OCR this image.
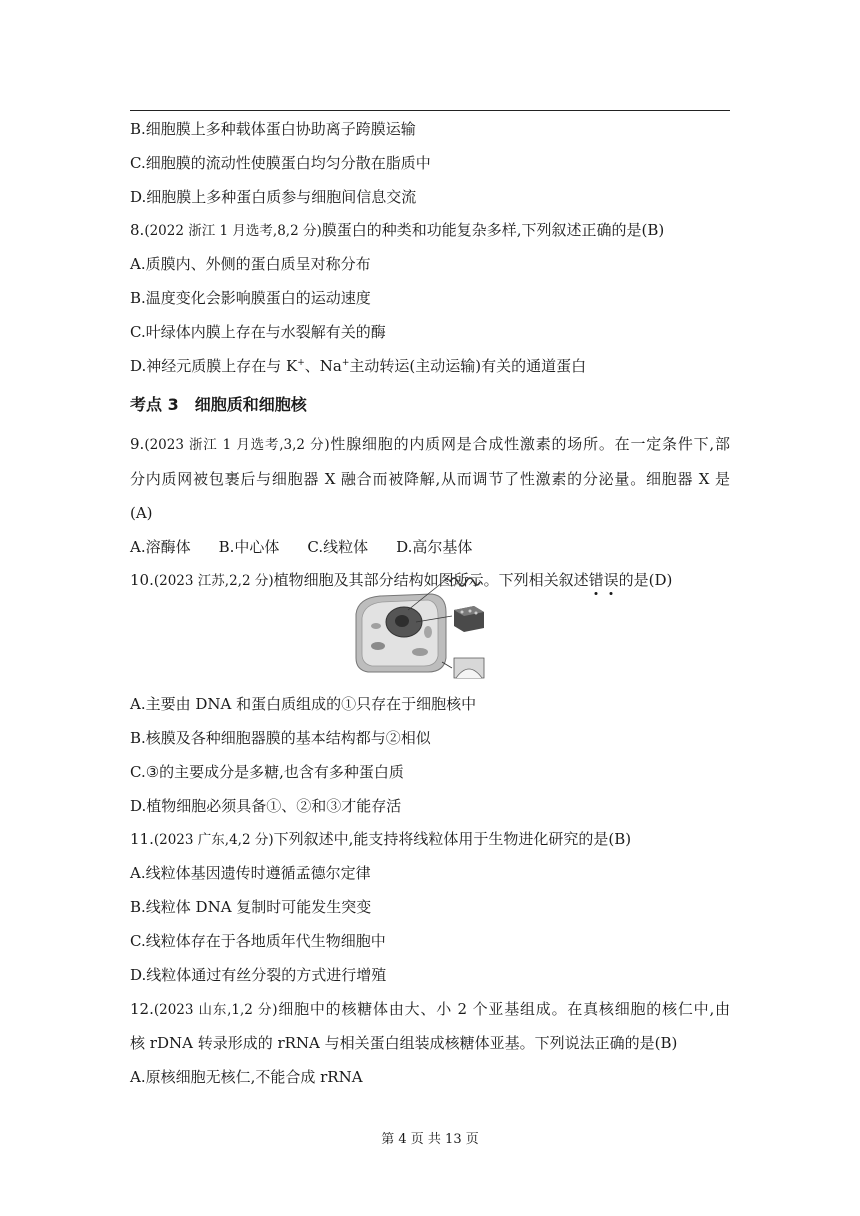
B.细胞膜上多种载体蛋白协助离子跨膜运输
C.细胞膜的流动性使膜蛋白均匀分散在脂质中
D.细胞膜上多种蛋白质参与细胞间信息交流
8.(2022 浙江 1 月选考,8,2 分)膜蛋白的种类和功能复杂多样,下列叙述正确的是(B)
A.质膜内、外侧的蛋白质呈对称分布
B.温度变化会影响膜蛋白的运动速度
C.叶绿体内膜上存在与水裂解有关的酶
D.神经元质膜上存在与 K+、Na+主动转运(主动运输)有关的通道蛋白
考点 3　细胞质和细胞核
9.(2023 浙江 1 月选考,3,2 分)性腺细胞的内质网是合成性激素的场所。在一定条件下,部
分内质网被包裹后与细胞器 X 融合而被降解,从而调节了性激素的分泌量。细胞器 X 是
(A)
A.溶酶体 B.中心体 C.线粒体 D.高尔基体
10.(2023 江苏,2,2 分)植物细胞及其部分结构如图所示。下列相关叙述错误的是(D)
A.主要由 DNA 和蛋白质组成的①只存在于细胞核中
B.核膜及各种细胞器膜的基本结构都与②相似
C.③的主要成分是多糖,也含有多种蛋白质
D.植物细胞必须具备①、②和③才能存活
11.(2023 广东,4,2 分)下列叙述中,能支持将线粒体用于生物进化研究的是(B)
A.线粒体基因遗传时遵循孟德尔定律
B.线粒体 DNA 复制时可能发生突变
C.线粒体存在于各地质年代生物细胞中
D.线粒体通过有丝分裂的方式进行增殖
12.(2023 山东,1,2 分)细胞中的核糖体由大、小 2 个亚基组成。在真核细胞的核仁中,由
核 rDNA 转录形成的 rRNA 与相关蛋白组装成核糖体亚基。下列说法正确的是(B)
A.原核细胞无核仁,不能合成 rRNA
第 4 页 共 13 页
